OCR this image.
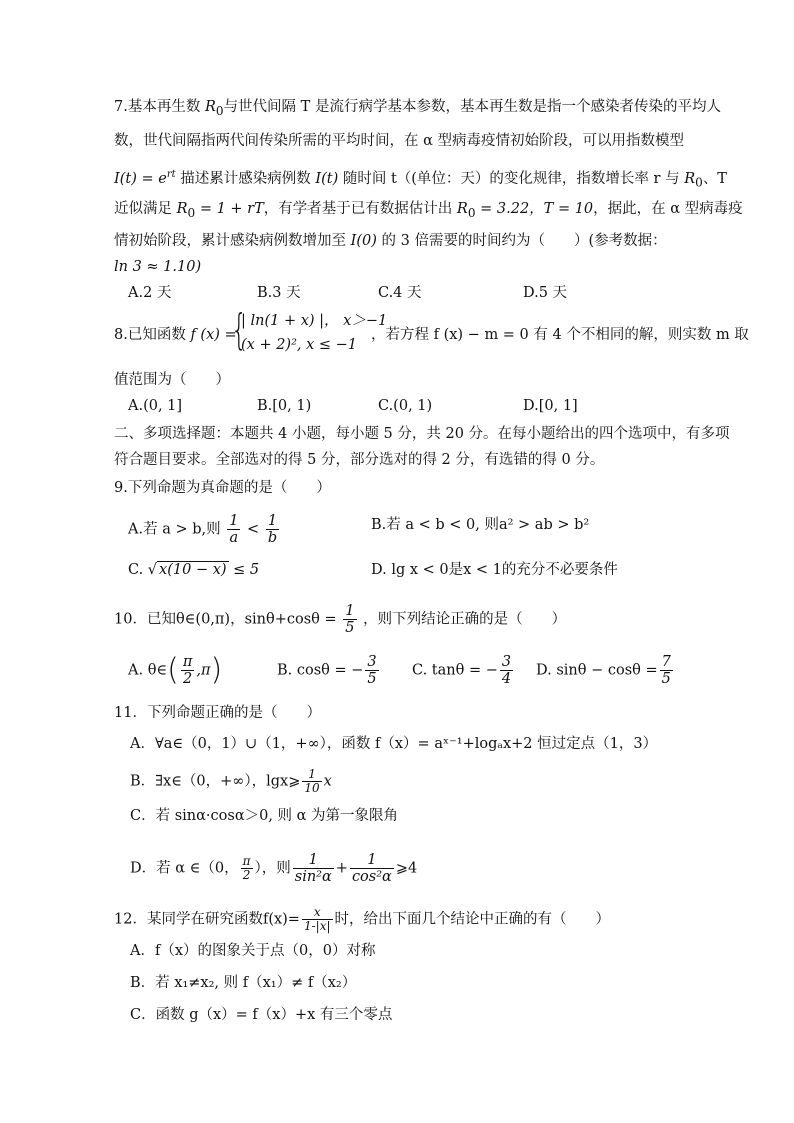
7.基本再生数 $R_0$与世代间隔 T 是流行病学基本参数，基本再生数是指一个感染者传染的平均人
数，世代间隔指两代间传染所需的平均时间，在 α 型病毒疫情初始阶段，可以用指数模型
$I(t) = e^{rt}$ 描述累计感染病例数 I(t) 随时间 t（(单位：天）的变化规律，指数增长率 r 与 $R_0$、T
近似满足 $R_0 = 1$ + rT，有学者基于已有数据估计出 $R_0 = 3.22$，T = 10，据此，在 α 型病毒疫
情初始阶段，累计感染病例数增加至 I(0) 的 3 倍需要的时间约为（　　）(参考数据：
ln 3 ≈ 1.10)
A.2 天	B.3 天	C.4 天	D.5 天
8.已知函数 f (x) =
{
| ln(1 + x) |， x＞−1
(x + 2)², x ≤ −1
，若方程 f (x) − m = 0 有 4 个不相同的解，则实数 m 取
值范围为（　　）
A.(0, 1]	B.[0, 1)	C.(0, 1)	D.[0, 1]
二、多项选择题：本题共 4 小题，每小题 5 分，共 20 分。在每小题给出的四个选项中，有多项
符合题目要求。全部选对的得 5 分，部分选对的得 2 分，有选错的得 0 分。
9.下列命题为真命题的是（　　）
A.若 a > b,则 $\frac{1}{a} < \frac{1}{b}$	B.若 a < b < 0, 则a² > ab > b²
C. √ x(10 − x) ≤ 5	D. lg x < 0是x < 1的充分不必要条件
10．已知θ∈(0,π)，$\sin\theta+\cos\theta = \frac{1}{5}$ ，则下列结论正确的是（　　）
A. θ∈( $\frac{\pi}{2} ,\pi$)	B. cosθ = − $\frac{3}{5} C$. tanθ = − $\frac{3}{4} D$. $\sin\theta - \cos\theta = \frac{7}{5}$
11．下列命题正确的是（　　）
A．∀a∈（0，1）∪（1，+∞），函数 f（x）= aˣ⁻¹+logₐx+2 恒过定点（1，3）
B．∃x∈（0，+∞），lgx⩾ $\frac{1}{10}$ x
C．若 sinα·cosα＞0, 则 α 为第一象限角
D．若 α ∈（0， $\frac{\pi}{2}$ ），则 $\frac{1}{\text{sin²α}} + \frac{1}{\text{cos²α}}$ ⩾4
12．某同学在研究函数$f(x)= \frac{x}{1-|x|}$ 时，给出下面几个结论中正确的有（　　）
A．f（x）的图象关于点（0，0）对称
B．若 x₁≠x₂, 则 f（x₁）≠ f（x₂）
C．函数 g（x）= f（x）+x 有三个零点
